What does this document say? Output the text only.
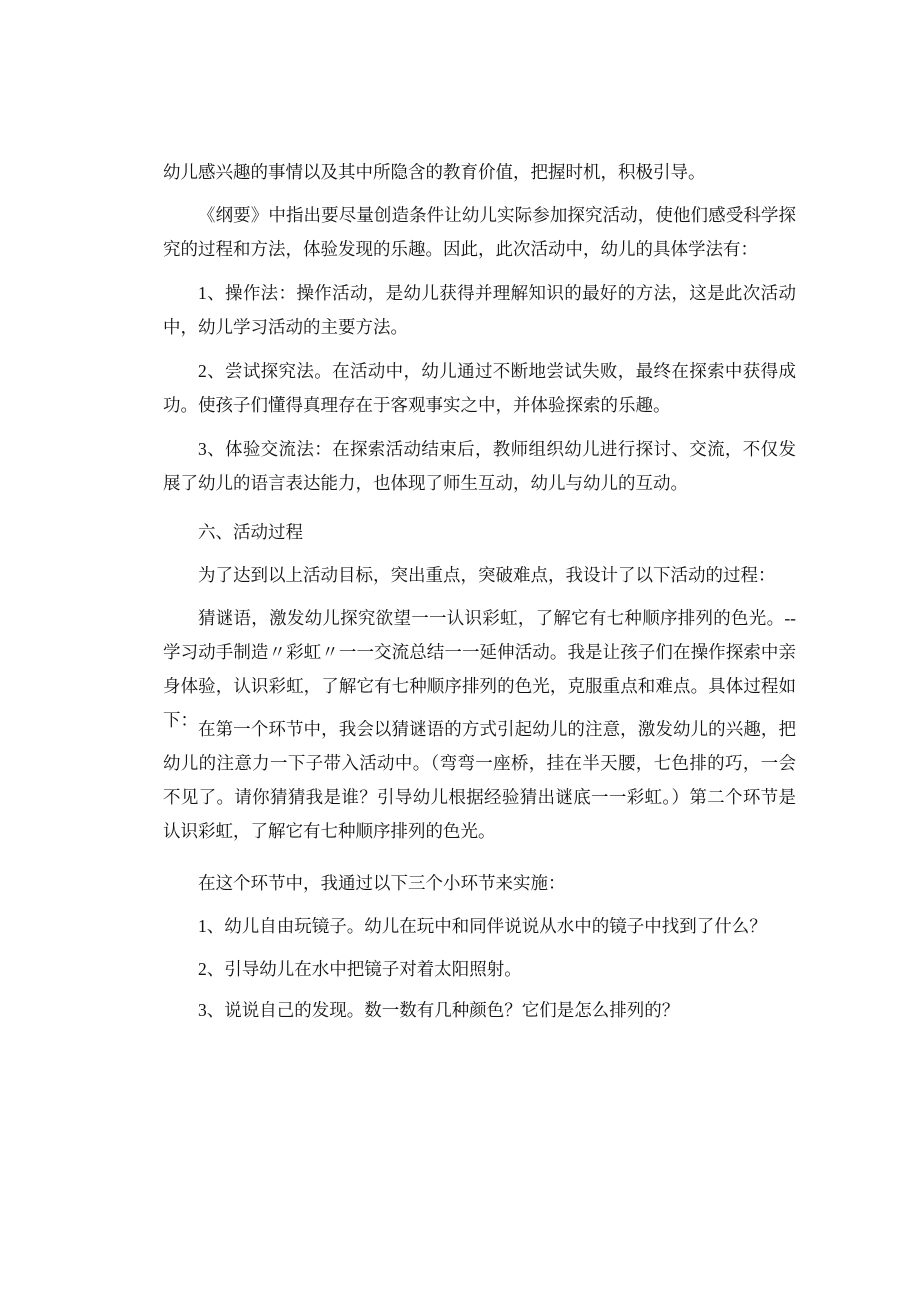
幼儿感兴趣的事情以及其中所隐含的教育价值，把握时机，积极引导。

《纲要》中指出要尽量创造条件让幼儿实际参加探究活动，使他们感受科学探究的过程和方法，体验发现的乐趣。因此，此次活动中，幼儿的具体学法有：

1、操作法：操作活动，是幼儿获得并理解知识的最好的方法，这是此次活动中，幼儿学习活动的主要方法。

2、尝试探究法。在活动中，幼儿通过不断地尝试失败，最终在探索中获得成功。使孩子们懂得真理存在于客观事实之中，并体验探索的乐趣。

3、体验交流法：在探索活动结束后，教师组织幼儿进行探讨、交流，不仅发展了幼儿的语言表达能力，也体现了师生互动，幼儿与幼儿的互动。

六、活动过程

为了达到以上活动目标，突出重点，突破难点，我设计了以下活动的过程：

猜谜语，激发幼儿探究欲望一一认识彩虹，了解它有七种顺序排列的色光。--学习动手制造〃彩虹〃一一交流总结一一延伸活动。我是让孩子们在操作探索中亲身体验，认识彩虹，了解它有七种顺序排列的色光，克服重点和难点。具体过程如下： 在第一个环节中，我会以猜谜语的方式引起幼儿的注意，激发幼儿的兴趣，把幼儿的注意力一下子带入活动中。（弯弯一座桥，挂在半天腰，七色排的巧，一会不见了。请你猜猜我是谁？引导幼儿根据经验猜出谜底一一彩虹。）第二个环节是认识彩虹，了解它有七种顺序排列的色光。

在这个环节中，我通过以下三个小环节来实施：

1、幼儿自由玩镜子。幼儿在玩中和同伴说说从水中的镜子中找到了什么？

2、引导幼儿在水中把镜子对着太阳照射。

3、说说自己的发现。数一数有几种颜色？它们是怎么排列的？
